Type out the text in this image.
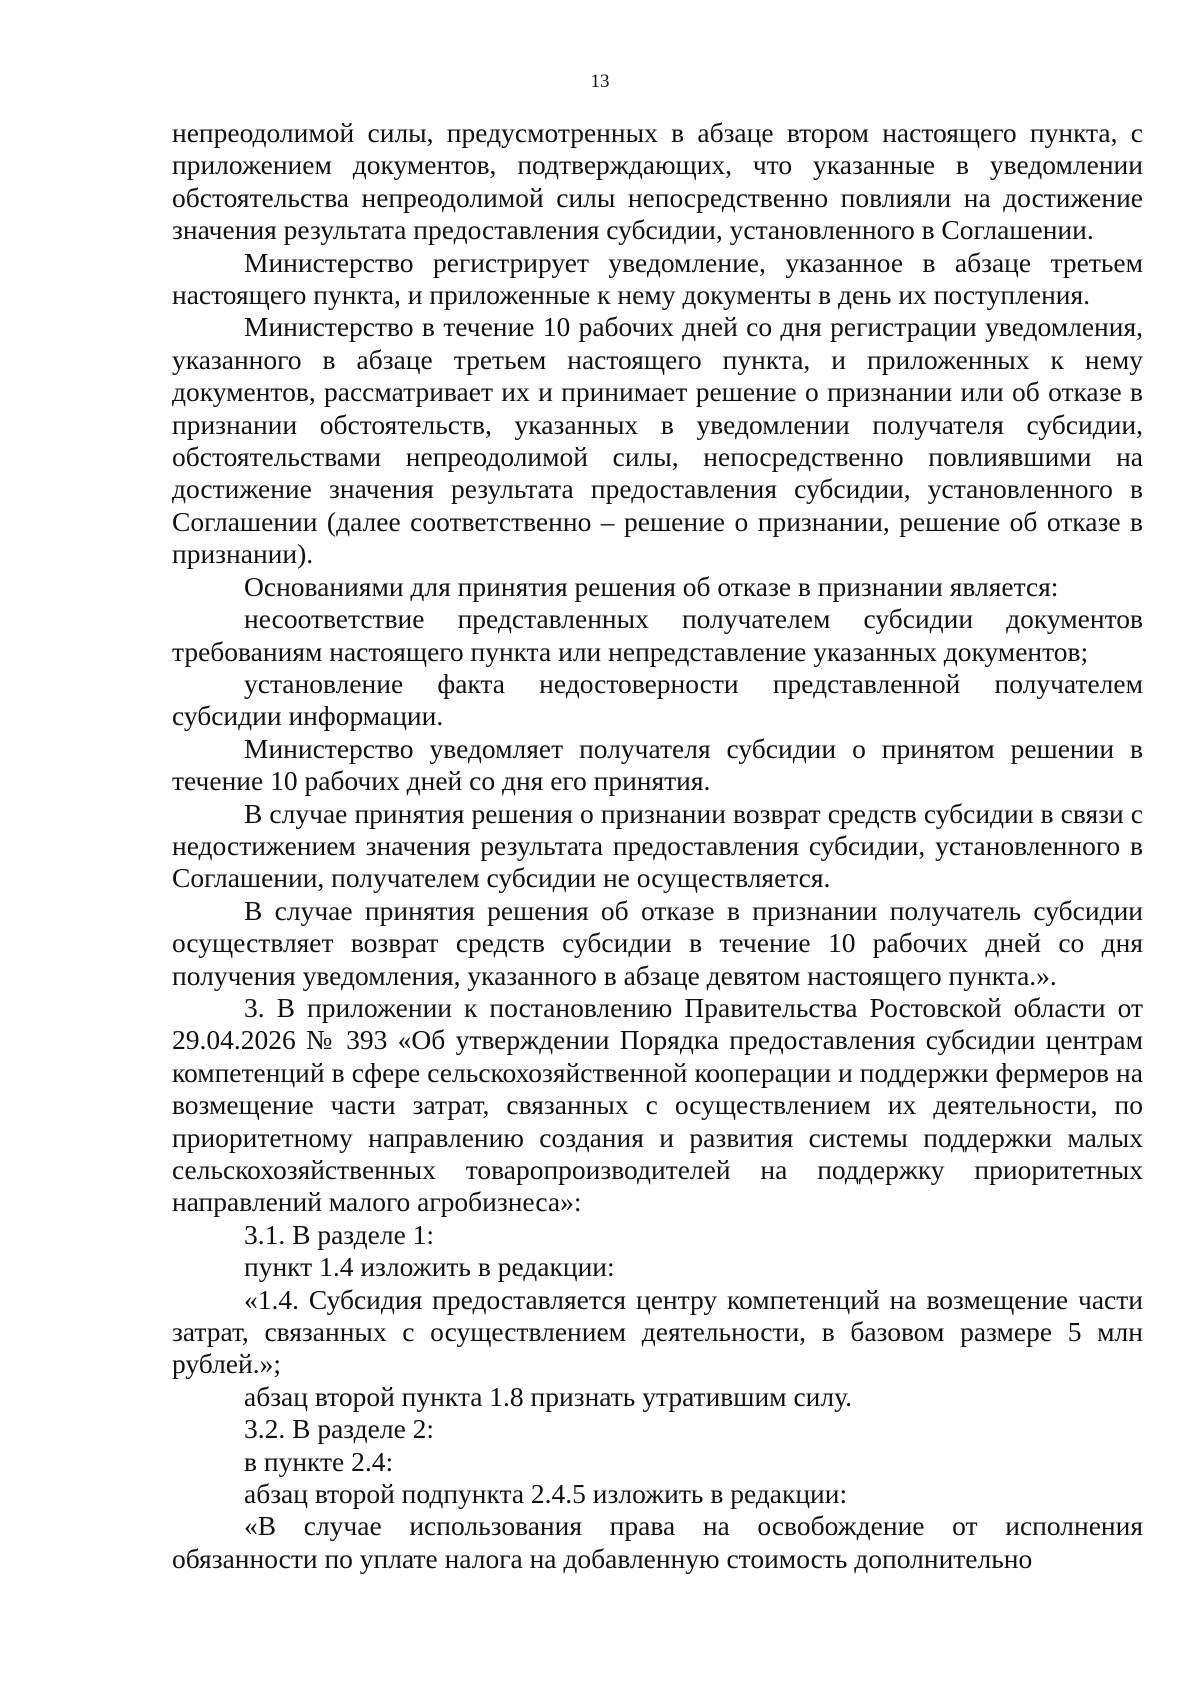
13

непреодолимой силы, предусмотренных в абзаце втором настоящего пункта, с приложением документов, подтверждающих, что указанные в уведомлении обстоятельства непреодолимой силы непосредственно повлияли на достижение значения результата предоставления субсидии, установленного в Соглашении.

Министерство регистрирует уведомление, указанное в абзаце третьем настоящего пункта, и приложенные к нему документы в день их поступления.

Министерство в течение 10 рабочих дней со дня регистрации уведомления, указанного в абзаце третьем настоящего пункта, и приложенных к нему документов, рассматривает их и принимает решение о признании или об отказе в признании обстоятельств, указанных в уведомлении получателя субсидии, обстоятельствами непреодолимой силы, непосредственно повлиявшими на достижение значения результата предоставления субсидии, установленного в Соглашении (далее соответственно – решение о признании, решение об отказе в признании).

Основаниями для принятия решения об отказе в признании является:

несоответствие представленных получателем субсидии документов требованиям настоящего пункта или непредставление указанных документов;

установление факта недостоверности представленной получателем субсидии информации.

Министерство уведомляет получателя субсидии о принятом решении в течение 10 рабочих дней со дня его принятия.

В случае принятия решения о признании возврат средств субсидии в связи с недостижением значения результата предоставления субсидии, установленного в Соглашении, получателем субсидии не осуществляется.

В случае принятия решения об отказе в признании получатель субсидии осуществляет возврат средств субсидии в течение 10 рабочих дней со дня получения уведомления, указанного в абзаце девятом настоящего пункта.».

3. В приложении к постановлению Правительства Ростовской области от 29.04.2026 № 393 «Об утверждении Порядка предоставления субсидии центрам компетенций в сфере сельскохозяйственной кооперации и поддержки фермеров на возмещение части затрат, связанных с осуществлением их деятельности, по приоритетному направлению создания и развития системы поддержки малых сельскохозяйственных товаропроизводителей на поддержку приоритетных направлений малого агробизнеса»:

3.1. В разделе 1:

пункт 1.4 изложить в редакции:

«1.4. Субсидия предоставляется центру компетенций на возмещение части затрат, связанных с осуществлением деятельности, в базовом размере 5 млн рублей.»;

абзац второй пункта 1.8 признать утратившим силу.

3.2. В разделе 2:

в пункте 2.4:

абзац второй подпункта 2.4.5 изложить в редакции:

«В случае использования права на освобождение от исполнения обязанности по уплате налога на добавленную стоимость дополнительно
